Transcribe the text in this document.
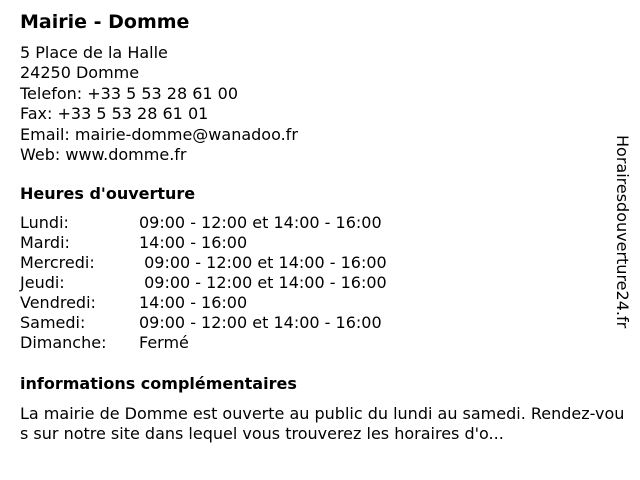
Mairie - Domme
5 Place de la Halle
24250 Domme
Telefon: +33 5 53 28 61 00
Fax: +33 5 53 28 61 01
Email: mairie-domme@wanadoo.fr
Web: www.domme.fr
Heures d'ouverture
Lundi:	09:00 - 12:00 et 14:00 - 16:00
Mardi:	14:00 - 16:00
Mercredi:	09:00 - 12:00 et 14:00 - 16:00
Jeudi:	09:00 - 12:00 et 14:00 - 16:00
Vendredi:	14:00 - 16:00
Samedi:	09:00 - 12:00 et 14:00 - 16:00
Dimanche:	Fermé
informations complémentaires
La mairie de Domme est ouverte au public du lundi au samedi. Rendez-vous sur notre site dans lequel vous trouverez les horaires d'o...
Horairesdouverture24.fr
